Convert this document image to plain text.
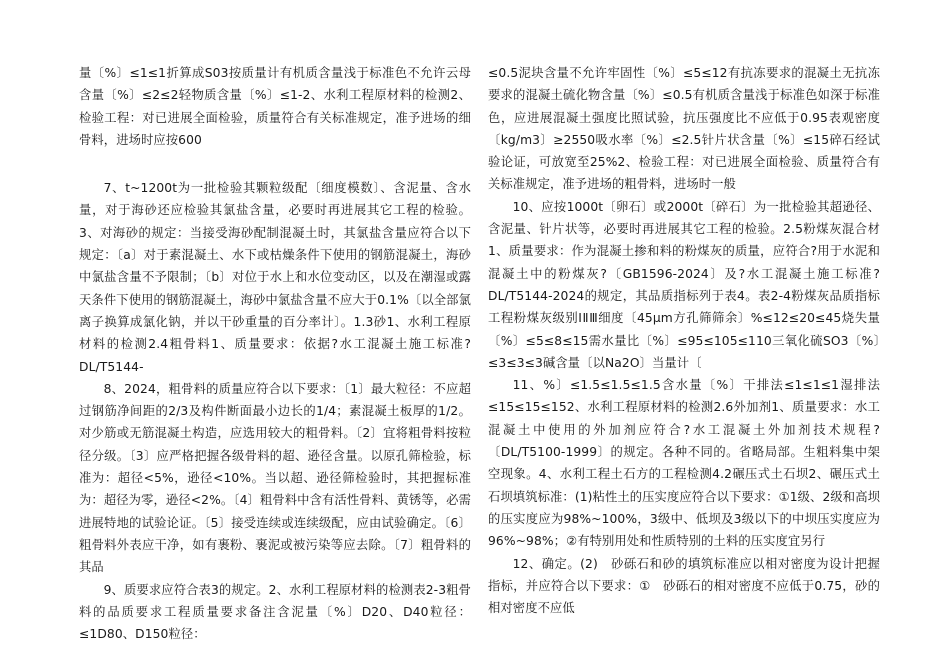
量〔%〕≤1≤1折算成S03按质量计有机质含量浅于标准色不允许云母含量〔%〕≤2≤2轻物质含量〔%〕≤1-2、水利工程原材料的检测2、检验工程：对已进展全面检验，质量符合有关标准规定，准予进场的细骨料，进场时应按600

7、t~1200t为一批检验其颗粒级配〔细度模数〕、含泥量、含水量，对于海砂还应检验其氯盐含量，必要时再进展其它工程的检验。3、对海砂的规定：当接受海砂配制混凝土时，其氯盐含量应符合以下规定：〔a〕对于素混凝土、水下或枯燥条件下使用的钢筋混凝土，海砂中氯盐含量不予限制；〔b〕对位于水上和水位变动区，以及在潮湿或露天条件下使用的钢筋混凝土，海砂中氯盐含量不应大于0.1%〔以全部氯离子换算成氯化钠，并以干砂重量的百分率计〕。1.3砂1、水利工程原材料的检测2.4粗骨料1、质量要求：依据?水工混凝土施工标准?DL/T5144-

8、2024，粗骨料的质量应符合以下要求：〔1〕最大粒径：不应超过钢筋净间距的2/3及构件断面最小边长的1/4；素混凝土板厚的1/2。对少筋或无筋混凝土构造，应选用较大的粗骨料。〔2〕宜将粗骨料按粒径分级。〔3〕应严格把握各级骨料的超、逊径含量。以原孔筛检验，标准为：超径<5%，逊径<10%。当以超、逊径筛检验时，其把握标准为：超径为零，逊径<2%。〔4〕粗骨料中含有活性骨料、黄锈等，必需进展特地的试验论证。〔5〕接受连续或连续级配，应由试验确定。〔6〕粗骨料外表应干净，如有裹粉、裹泥或被污染等应去除。〔7〕粗骨料的其品

9、质要求应符合表3的规定。2、水利工程原材料的检测表2-3粗骨料的品质要求工程质量要求备注含泥量〔%〕D20、D40粒径：≤1D80、D150粒径：

≤0.5泥块含量不允许牢固性〔%〕≤5≤12有抗冻要求的混凝土无抗冻要求的混凝土硫化物含量〔%〕≤0.5有机质含量浅于标准色如深于标准色，应进展混凝土强度比照试验，抗压强度比不应低于0.95表观密度〔kg/m3〕≥2550吸水率〔%〕≤2.5针片状含量〔%〕≤15碎石经试验论证，可放宽至25%2、检验工程：对已进展全面检验、质量符合有关标准规定，准予进场的粗骨料，进场时一般

10、应按1000t〔卵石〕或2000t〔碎石〕为一批检验其超逊径、含泥量、针片状等，必要时再进展其它工程的检验。2.5粉煤灰混合材1、质量要求：作为混凝土掺和料的粉煤灰的质量，应符合?用于水泥和混凝土中的粉煤灰?〔GB1596-2024〕及?水工混凝土施工标准?DL/T5144-2024的规定，其品质指标列于表4。表2-4粉煤灰品质指标工程粉煤灰级别ⅠⅡⅢ细度〔45μm方孔筛筛余〕%≤12≤20≤45烧失量〔%〕≤5≤8≤15需水量比〔%〕≤95≤105≤110三氧化硫SO3〔%〕≤3≤3≤3碱含量〔以Na2O〕当量计〔

11、%〕≤1.5≤1.5≤1.5含水量〔%〕干排法≤1≤1≤1湿排法≤15≤15≤152、水利工程原材料的检测2.6外加剂1、质量要求：水工混凝土中使用的外加剂应符合?水工混凝土外加剂技术规程?〔DL/T5100-1999〕的规定。各种不同的。省略局部。生粗料集中架空现象。4、水利工程土石方的工程检测4.2碾压式土石坝2、碾压式土石坝填筑标准：(1)粘性土的压实度应符合以下要求：①1级、2级和高坝的压实度应为98%~100%，3级中、低坝及3级以下的中坝压实度应为96%~98%；②有特别用处和性质特别的土料的压实度宜另行

12、确定。(2)　砂砾石和砂的填筑标准应以相对密度为设计把握指标，并应符合以下要求：①　砂砾石的相对密度不应低于0.75，砂的相对密度不应低
